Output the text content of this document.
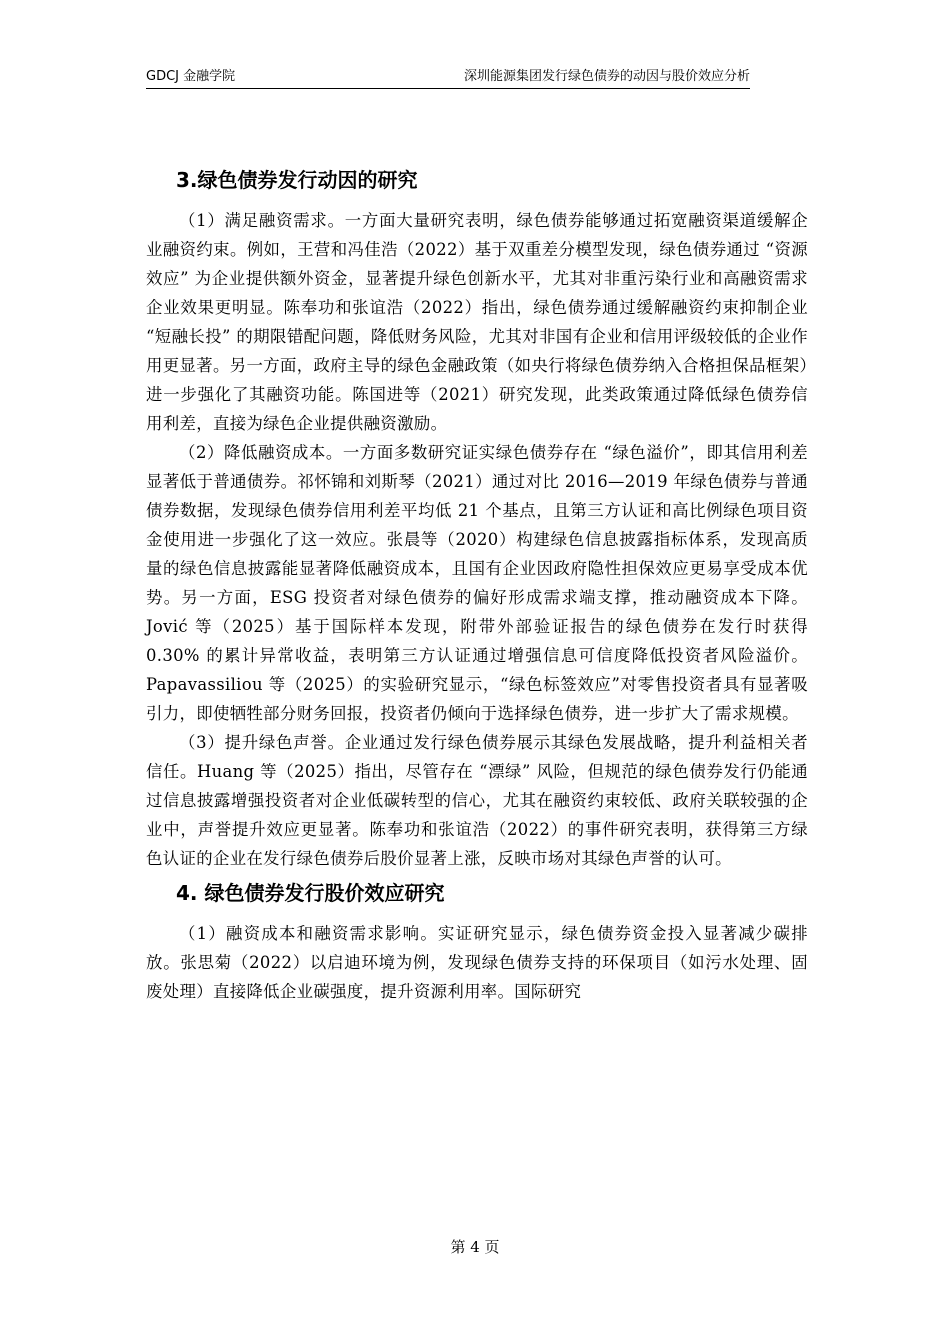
GDCJ 金融学院	深圳能源集团发行绿色债券的动因与股价效应分析
3.绿色债券发行动因的研究

（1）满足融资需求。一方面大量研究表明，绿色债券能够通过拓宽融资渠道缓解企业融资约束。例如，王营和冯佳浩（2022）基于双重差分模型发现，绿色债券通过 “资源效应” 为企业提供额外资金，显著提升绿色创新水平，尤其对非重污染行业和高融资需求企业效果更明显。陈奉功和张谊浩（2022）指出，绿色债券通过缓解融资约束抑制企业 “短融长投” 的期限错配问题，降低财务风险，尤其对非国有企业和信用评级较低的企业作用更显著。另一方面，政府主导的绿色金融政策（如央行将绿色债券纳入合格担保品框架）进一步强化了其融资功能。陈国进等（2021）研究发现，此类政策通过降低绿色债券信用利差，直接为绿色企业提供融资激励。

（2）降低融资成本。一方面多数研究证实绿色债券存在 “绿色溢价”，即其信用利差显著低于普通债券。祁怀锦和刘斯琴（2021）通过对比 2016—2019 年绿色债券与普通债券数据，发现绿色债券信用利差平均低 21 个基点，且第三方认证和高比例绿色项目资金使用进一步强化了这一效应。张晨等（2020）构建绿色信息披露指标体系，发现高质量的绿色信息披露能显著降低融资成本，且国有企业因政府隐性担保效应更易享受成本优势。另一方面，ESG 投资者对绿色债券的偏好形成需求端支撑，推动融资成本下降。Jović 等（2025）基于国际样本发现，附带外部验证报告的绿色债券在发行时获得 0.30% 的累计异常收益，表明第三方认证通过增强信息可信度降低投资者风险溢价。Papavassiliou 等（2025）的实验研究显示，“绿色标签效应”对零售投资者具有显著吸引力，即使牺牲部分财务回报，投资者仍倾向于选择绿色债券，进一步扩大了需求规模。

（3）提升绿色声誉。企业通过发行绿色债券展示其绿色发展战略，提升利益相关者信任。Huang 等（2025）指出，尽管存在 “漂绿” 风险，但规范的绿色债券发行仍能通过信息披露增强投资者对企业低碳转型的信心，尤其在融资约束较低、政府关联较强的企业中，声誉提升效应更显著。陈奉功和张谊浩（2022）的事件研究表明，获得第三方绿色认证的企业在发行绿色债券后股价显著上涨，反映市场对其绿色声誉的认可。

4. 绿色债券发行股价效应研究

（1）融资成本和融资需求影响。实证研究显示，绿色债券资金投入显著减少碳排放。张思菊（2022）以启迪环境为例，发现绿色债券支持的环保项目（如污水处理、固废处理）直接降低企业碳强度，提升资源利用率。国际研究

第 4 页
